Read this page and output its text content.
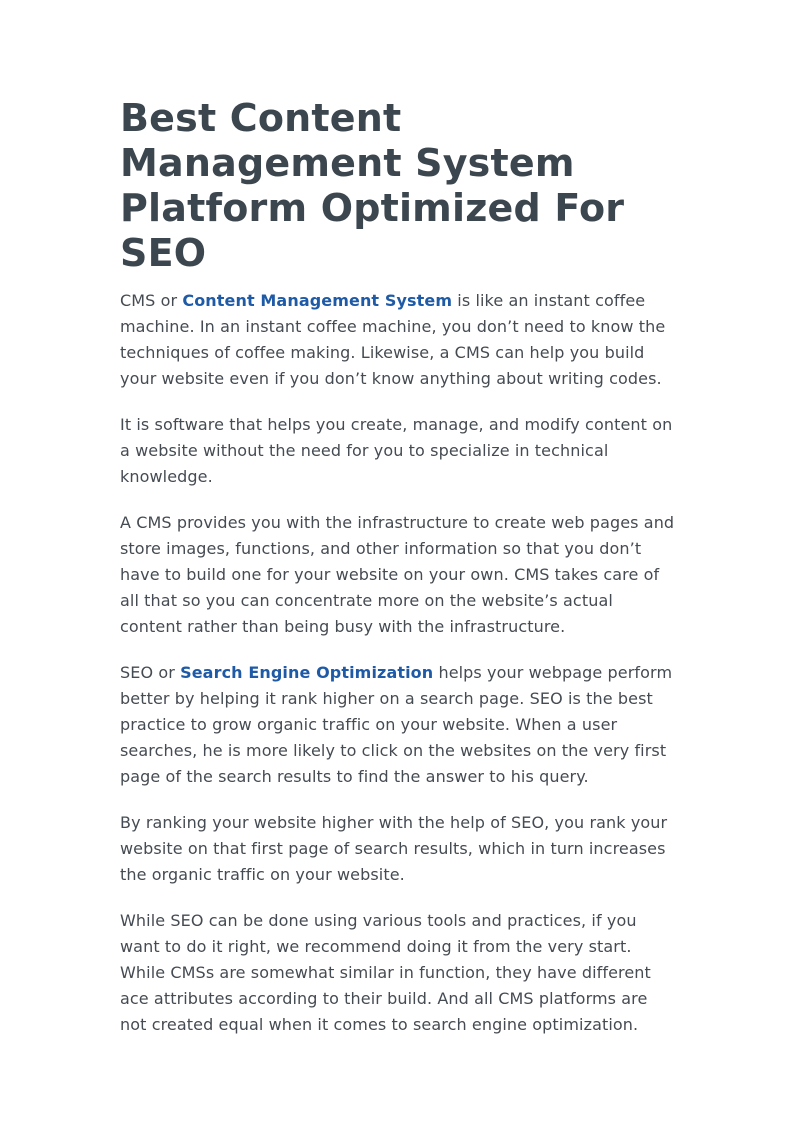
Best Content Management System Platform Optimized For SEO

CMS or Content Management System is like an instant coffee machine. In an instant coffee machine, you don’t need to know the techniques of coffee making. Likewise, a CMS can help you build your website even if you don’t know anything about writing codes.

It is software that helps you create, manage, and modify content on a website without the need for you to specialize in technical knowledge.

A CMS provides you with the infrastructure to create web pages and store images, functions, and other information so that you don’t have to build one for your website on your own. CMS takes care of all that so you can concentrate more on the website’s actual content rather than being busy with the infrastructure.

SEO or Search Engine Optimization helps your webpage perform better by helping it rank higher on a search page. SEO is the best practice to grow organic traffic on your website. When a user searches, he is more likely to click on the websites on the very first page of the search results to find the answer to his query.

By ranking your website higher with the help of SEO, you rank your website on that first page of search results, which in turn increases the organic traffic on your website.

While SEO can be done using various tools and practices, if you want to do it right, we recommend doing it from the very start. While CMSs are somewhat similar in function, they have different ace attributes according to their build. And all CMS platforms are not created equal when it comes to search engine optimization.
